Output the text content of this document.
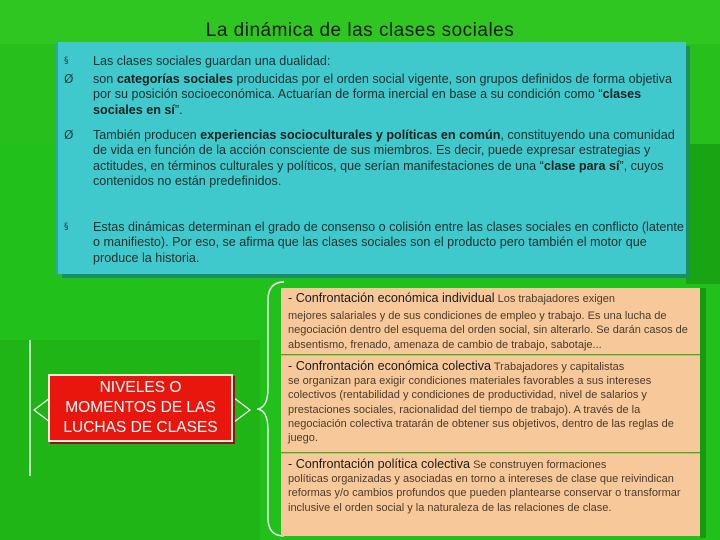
La dinámica de las clases sociales
§ Las clases sociales guardan una dualidad:
Ø son categorías sociales producidas por el orden social vigente, son grupos definidos de forma objetiva por su posición socioeconómica. Actuarían de forma inercial en base a su condición como “clases sociales en sí”.
Ø También producen experiencias socioculturales y políticas en común, constituyendo una comunidad de vida en función de la acción consciente de sus miembros. Es decir, puede expresar estrategias y actitudes, en términos culturales y políticos, que serían manifestaciones de una “clase para sí”, cuyos contenidos no están predefinidos.
§ Estas dinámicas determinan el grado de consenso o colisión entre las clases sociales en conflicto (latente o manifiesto). Por eso, se afirma que las clases sociales son el producto pero también el motor que produce la historia.
NIVELES O
MOMENTOS DE LAS
LUCHAS DE CLASES
- Confrontación económica individual Los trabajadores exigen
mejores salariales y de sus condiciones de empleo y trabajo. Es una lucha de negociación dentro del esquema del orden social, sin alterarlo. Se darán casos de absentismo, frenado, amenaza de cambio de trabajo, sabotaje...
- Confrontación económica colectiva Trabajadores y capitalistas
se organizan para exigir condiciones materiales favorables a sus intereses colectivos (rentabilidad y condiciones de productividad, nivel de salarios y prestaciones sociales, racionalidad del tiempo de trabajo). A través de la negociación colectiva tratarán de obtener sus objetivos, dentro de las reglas de juego.
- Confrontación política colectiva Se construyen formaciones
políticas organizadas y asociadas en torno a intereses de clase que reivindican reformas y/o cambios profundos que pueden plantearse conservar o transformar inclusive el orden social y la naturaleza de las relaciones de clase.
